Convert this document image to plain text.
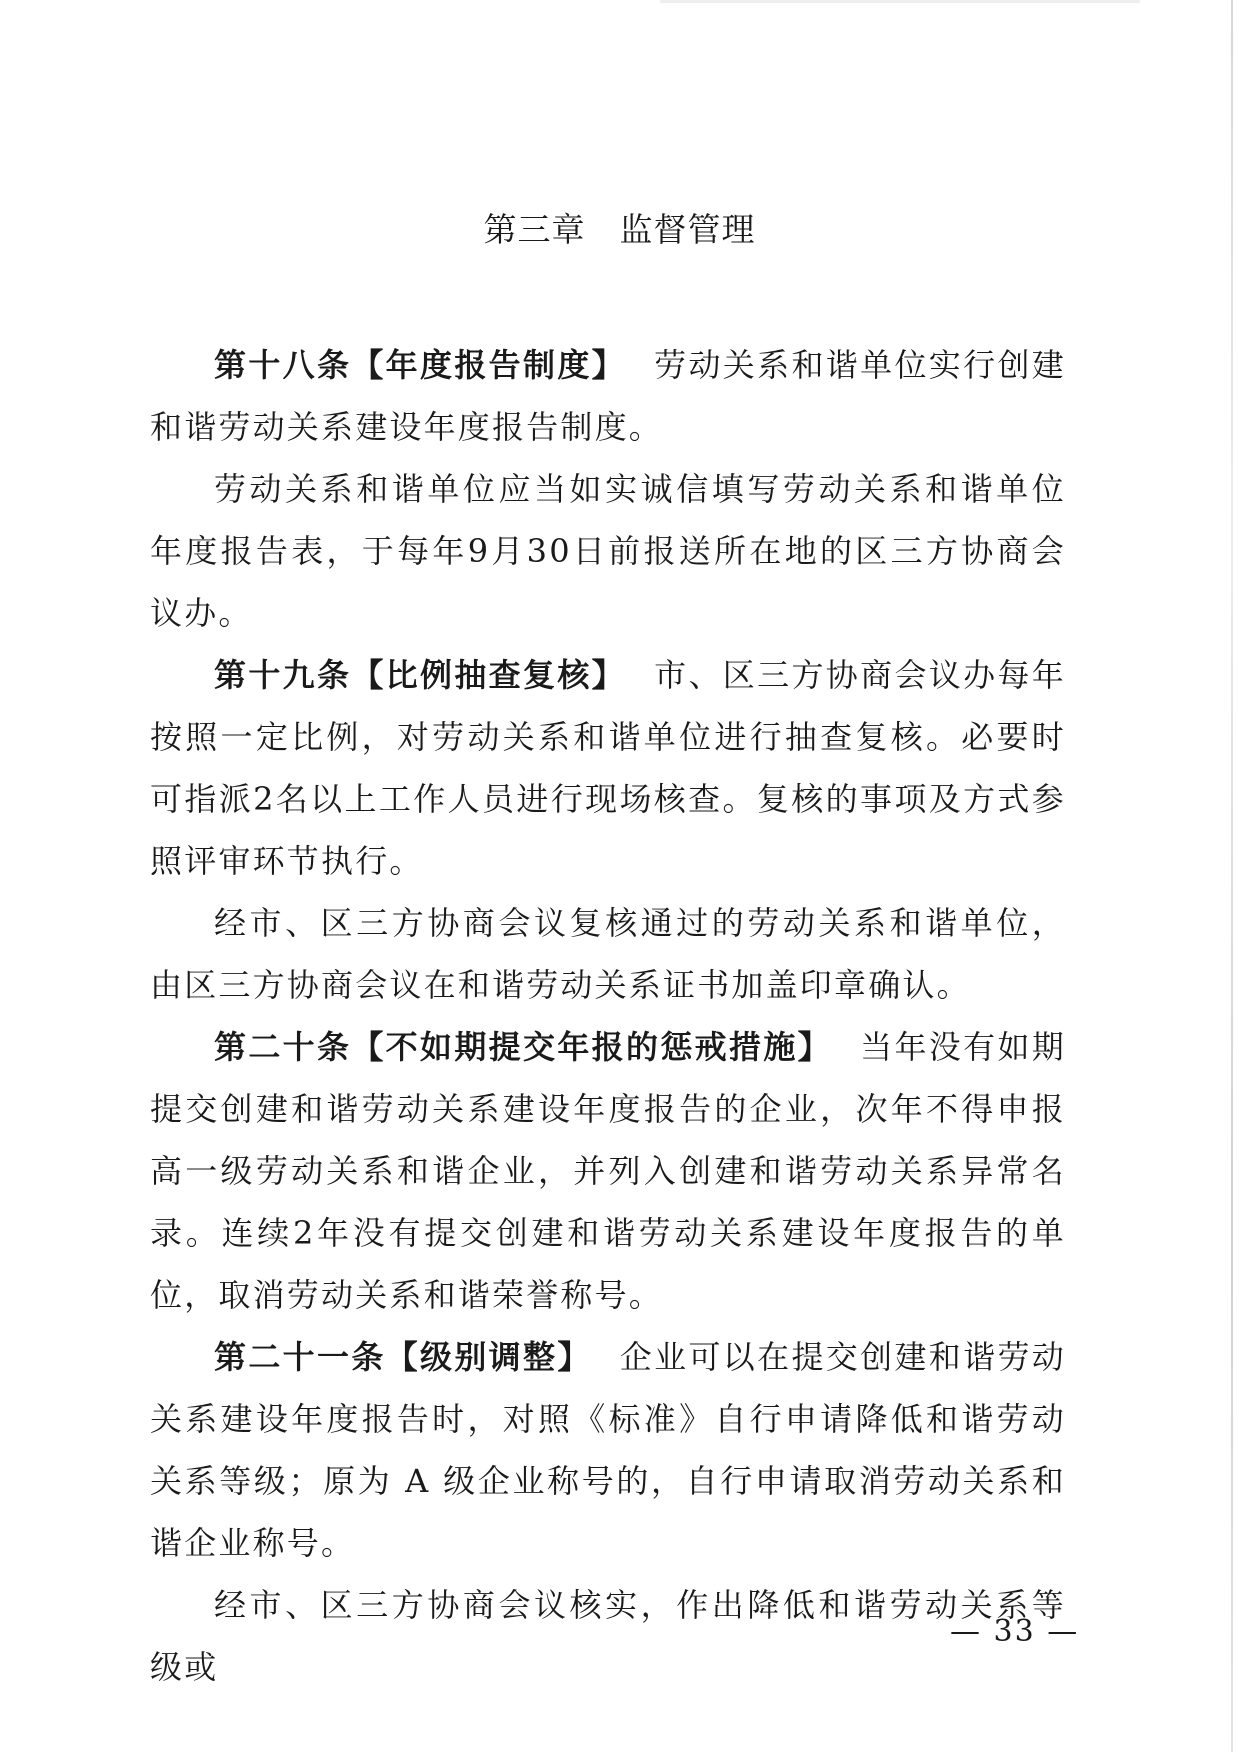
第三章　监督管理

第十八条【年度报告制度】 劳动关系和谐单位实行创建和谐劳动关系建设年度报告制度。

劳动关系和谐单位应当如实诚信填写劳动关系和谐单位年度报告表，于每年9月30日前报送所在地的区三方协商会议办。

第十九条【比例抽查复核】 市、区三方协商会议办每年按照一定比例，对劳动关系和谐单位进行抽查复核。必要时可指派2名以上工作人员进行现场核查。复核的事项及方式参照评审环节执行。

经市、区三方协商会议复核通过的劳动关系和谐单位，由区三方协商会议在和谐劳动关系证书加盖印章确认。

第二十条【不如期提交年报的惩戒措施】 当年没有如期提交创建和谐劳动关系建设年度报告的企业，次年不得申报高一级劳动关系和谐企业，并列入创建和谐劳动关系异常名录。连续2年没有提交创建和谐劳动关系建设年度报告的单位，取消劳动关系和谐荣誉称号。

第二十一条【级别调整】 企业可以在提交创建和谐劳动关系建设年度报告时，对照《标准》自行申请降低和谐劳动关系等级；原为 A 级企业称号的，自行申请取消劳动关系和谐企业称号。

经市、区三方协商会议核实，作出降低和谐劳动关系等级或

— 33 —
